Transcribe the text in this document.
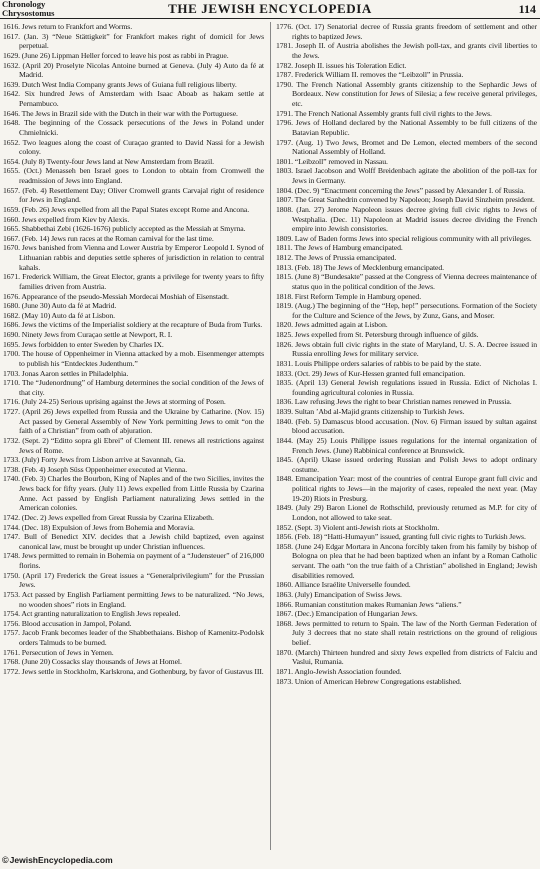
Chronology
Chrysostomus	THE JEWISH ENCYCLOPEDIA	114
1616. Jews return to Frankfort and Worms.
1617. (Jan. 3) “Neue Stättigkeit” for Frankfort makes right of domicil for Jews perpetual.
1629. (June 26) Lippman Heller forced to leave his post as rabbi in Prague.
1632. (April 20) Proselyte Nicolas Antoine burned at Geneva. (July 4) Auto da fé at Madrid.
1639. Dutch West India Company grants Jews of Guiana full religious liberty.
1642. Six hundred Jews of Amsterdam with Isaac Aboab as hakam settle at Pernambuco.
1646. The Jews in Brazil side with the Dutch in their war with the Portuguese.
1648. The beginning of the Cossack persecutions of the Jews in Poland under Chmielnicki.
1652. Two leagues along the coast of Curaçao granted to David Nassi for a Jewish colony.
1654. (July 8) Twenty-four Jews land at New Amsterdam from Brazil.
1655. (Oct.) Menasseh ben Israel goes to London to obtain from Cromwell the readmission of Jews into England.
1657. (Feb. 4) Resettlement Day; Oliver Cromwell grants Carvajal right of residence for Jews in England.
1659. (Feb. 26) Jews expelled from all the Papal States except Rome and Ancona.
1660. Jews expelled from Kiev by Alexis.
1665. Shabbethai Zebi (1626-1676) publicly accepted as the Messiah at Smyrna.
1667. (Feb. 14) Jews run races at the Roman carnival for the last time.
1670. Jews banished from Vienna and Lower Austria by Emperor Leopold I. Synod of Lithuanian rabbis and deputies settle spheres of jurisdiction in relation to central kahals.
1671. Frederick William, the Great Elector, grants a privilege for twenty years to fifty families driven from Austria.
1676. Appearance of the pseudo-Messiah Mordecai Moshiah of Eisenstadt.
1680. (June 30) Auto da fé at Madrid.
1682. (May 10) Auto da fé at Lisbon.
1686. Jews the victims of the Imperialist soldiery at the recapture of Buda from Turks.
1690. Ninety Jews from Curaçao settle at Newport, R. I.
1695. Jews forbidden to enter Sweden by Charles IX.
1700. The house of Oppenheimer in Vienna attacked by a mob. Eisenmenger attempts to publish his “Entdecktes Judenthum.”
1703. Jonas Aaron settles in Philadelphia.
1710. The “Judenordnung” of Hamburg determines the social condition of the Jews of that city.
1716. (July 24-25) Serious uprising against the Jews at storming of Posen.
1727. (April 26) Jews expelled from Russia and the Ukraine by Catharine. (Nov. 15) Act passed by General Assembly of New York permitting Jews to omit “on the faith of a Christian” from oath of abjuration.
1732. (Sept. 2) “Editto sopra gli Ebrei” of Clement III. renews all restrictions against Jews of Rome.
1733. (July) Forty Jews from Lisbon arrive at Savannah, Ga.
1738. (Feb. 4) Joseph Süss Oppenheimer executed at Vienna.
1740. (Feb. 3) Charles the Bourbon, King of Naples and of the two Sicilies, invites the Jews back for fifty years. (July 11) Jews expelled from Little Russia by Czarina Anne. Act passed by English Parliament naturalizing Jews settled in the American colonies.
1742. (Dec. 2) Jews expelled from Great Russia by Czarina Elizabeth.
1744. (Dec. 18) Expulsion of Jews from Bohemia and Moravia.
1747. Bull of Benedict XIV. decides that a Jewish child baptized, even against canonical law, must be brought up under Christian influences.
1748. Jews permitted to remain in Bohemia on payment of a “Judensteuer” of 216,000 florins.
1750. (April 17) Frederick the Great issues a “Generalprivilegium” for the Prussian Jews.
1753. Act passed by English Parliament permitting Jews to be naturalized. “No Jews, no wooden shoes” riots in England.
1754. Act granting naturalization to English Jews repealed.
1756. Blood accusation in Jampol, Poland.
1757. Jacob Frank becomes leader of the Shabbethaians. Bishop of Kamenitz-Podolsk orders Talmuds to be burned.
1761. Persecution of Jews in Yemen.
1768. (June 20) Cossacks slay thousands of Jews at Homel.
1772. Jews settle in Stockholm, Karlskrona, and Gothenburg, by favor of Gustavus III.
1776. (Oct. 17) Senatorial decree of Russia grants freedom of settlement and other rights to baptized Jews.
1781. Joseph II. of Austria abolishes the Jewish poll-tax, and grants civil liberties to the Jews.
1782. Joseph II. issues his Toleration Edict.
1787. Frederick William II. removes the “Leibzoll” in Prussia.
1790. The French National Assembly grants citizenship to the Sephardic Jews of Bordeaux. New constitution for Jews of Silesia; a few receive general privileges, etc.
1791. The French National Assembly grants full civil rights to the Jews.
1796. Jews of Holland declared by the National Assembly to be full citizens of the Batavian Republic.
1797. (Aug. 1) Two Jews, Bromet and De Lemon, elected members of the second National Assembly of Holland.
1801. “Leibzoll” removed in Nassau.
1803. Israel Jacobson and Wolff Breidenbach agitate the abolition of the poll-tax for Jews in Germany.
1804. (Dec. 9) “Enactment concerning the Jews” passed by Alexander I. of Russia.
1807. The Great Sanhedrin convened by Napoleon; Joseph David Sinzheim president.
1808. (Jan. 27) Jerome Napoleon issues decree giving full civic rights to Jews of Westphalia. (Dec. 11) Napoleon at Madrid issues decree dividing the French empire into Jewish consistories.
1809. Law of Baden forms Jews into special religious community with all privileges.
1811. The Jews of Hamburg emancipated.
1812. The Jews of Prussia emancipated.
1813. (Feb. 18) The Jews of Mecklenburg emancipated.
1815. (June 8) “Bundesakte” passed at the Congress of Vienna decrees maintenance of status quo in the political condition of the Jews.
1818. First Reform Temple in Hamburg opened.
1819. (Aug.) The beginning of the “Hep, hep!” persecutions. Formation of the Society for the Culture and Science of the Jews, by Zunz, Gans, and Moser.
1820. Jews admitted again at Lisbon.
1825. Jews expelled from St. Petersburg through influence of gilds.
1826. Jews obtain full civic rights in the state of Maryland, U. S. A. Decree issued in Russia enrolling Jews for military service.
1831. Louis Philippe orders salaries of rabbis to be paid by the state.
1833. (Oct. 29) Jews of Kur-Hessen granted full emancipation.
1835. (April 13) General Jewish regulations issued in Russia. Edict of Nicholas I. founding agricultural colonies in Russia.
1836. Law refusing Jews the right to bear Christian names renewed in Prussia.
1839. Sultan ’Abd al-Majid grants citizenship to Turkish Jews.
1840. (Feb. 5) Damascus blood accusation. (Nov. 6) Firman issued by sultan against blood accusation.
1844. (May 25) Louis Philippe issues regulations for the internal organization of French Jews. (June) Rabbinical conference at Brunswick.
1845. (April) Ukase issued ordering Russian and Polish Jews to adopt ordinary costume.
1848. Emancipation Year: most of the countries of central Europe grant full civic and political rights to Jews—in the majority of cases, repealed the next year. (May 19-20) Riots in Presburg.
1849. (July 29) Baron Lionel de Rothschild, previously returned as M.P. for city of London, not allowed to take seat.
1852. (Sept. 3) Violent anti-Jewish riots at Stockholm.
1856. (Feb. 18) “Hatti-Humayun” issued, granting full civic rights to Turkish Jews.
1858. (June 24) Edgar Mortara in Ancona forcibly taken from his family by bishop of Bologna on plea that he had been baptized when an infant by a Roman Catholic servant. The oath “on the true faith of a Christian” abolished in England; Jewish disabilities removed.
1860. Alliance Israélite Universelle founded.
1863. (July) Emancipation of Swiss Jews.
1866. Rumanian constitution makes Rumanian Jews “aliens.”
1867. (Dec.) Emancipation of Hungarian Jews.
1868. Jews permitted to return to Spain. The law of the North German Federation of July 3 decrees that no state shall retain restrictions on the ground of religious belief.
1870. (March) Thirteen hundred and sixty Jews expelled from districts of Falciu and Vaslui, Rumania.
1871. Anglo-Jewish Association founded.
1873. Union of American Hebrew Congregations established.
© JewishEncyclopedia.com
